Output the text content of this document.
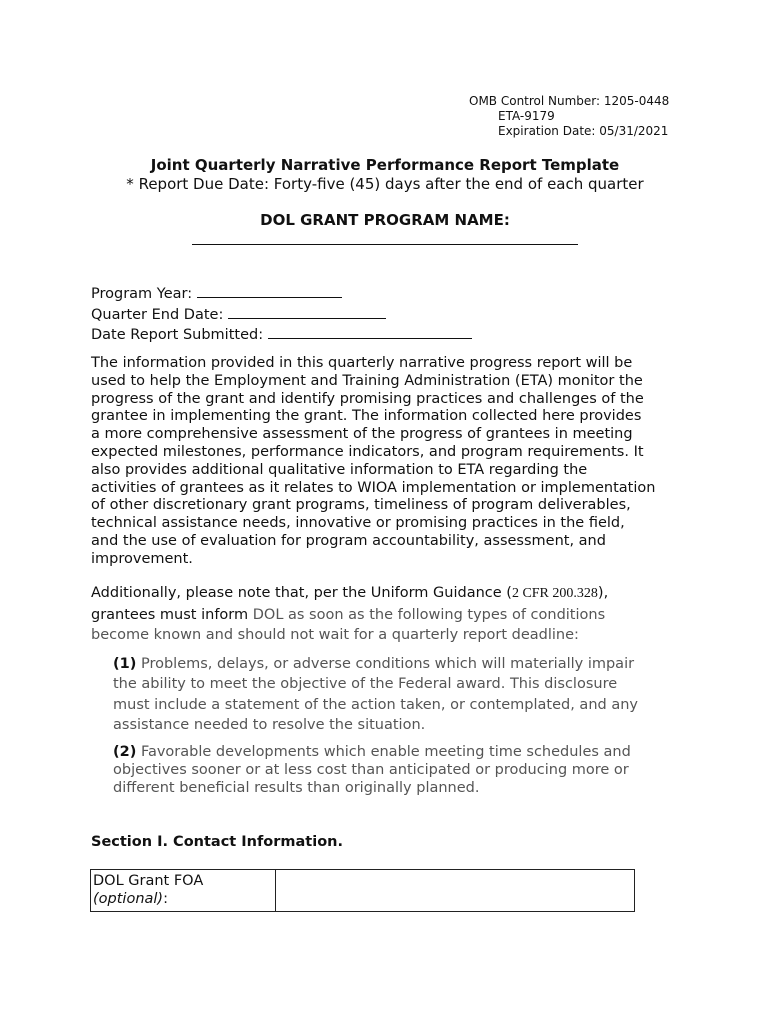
OMB Control Number: 1205-0448
ETA-9179
Expiration Date: 05/31/2021
Joint Quarterly Narrative Performance Report Template
* Report Due Date: Forty-five (45) days after the end of each quarter
DOL GRANT PROGRAM NAME:
Program Year:
Quarter End Date:
Date Report Submitted:
The information provided in this quarterly narrative progress report will be
used to help the Employment and Training Administration (ETA) monitor the
progress of the grant and identify promising practices and challenges of the
grantee in implementing the grant. The information collected here provides
a more comprehensive assessment of the progress of grantees in meeting
expected milestones, performance indicators, and program requirements. It
also provides additional qualitative information to ETA regarding the
activities of grantees as it relates to WIOA implementation or implementation
of other discretionary grant programs, timeliness of program deliverables,
technical assistance needs, innovative or promising practices in the field,
and the use of evaluation for program accountability, assessment, and
improvement.
Additionally, please note that, per the Uniform Guidance (2 CFR 200.328),
grantees must inform DOL as soon as the following types of conditions
become known and should not wait for a quarterly report deadline:
(1) Problems, delays, or adverse conditions which will materially impair
the ability to meet the objective of the Federal award. This disclosure
must include a statement of the action taken, or contemplated, and any
assistance needed to resolve the situation.
(2) Favorable developments which enable meeting time schedules and
objectives sooner or at less cost than anticipated or producing more or
different beneficial results than originally planned.
Section I. Contact Information.
DOL Grant FOA
(optional):
